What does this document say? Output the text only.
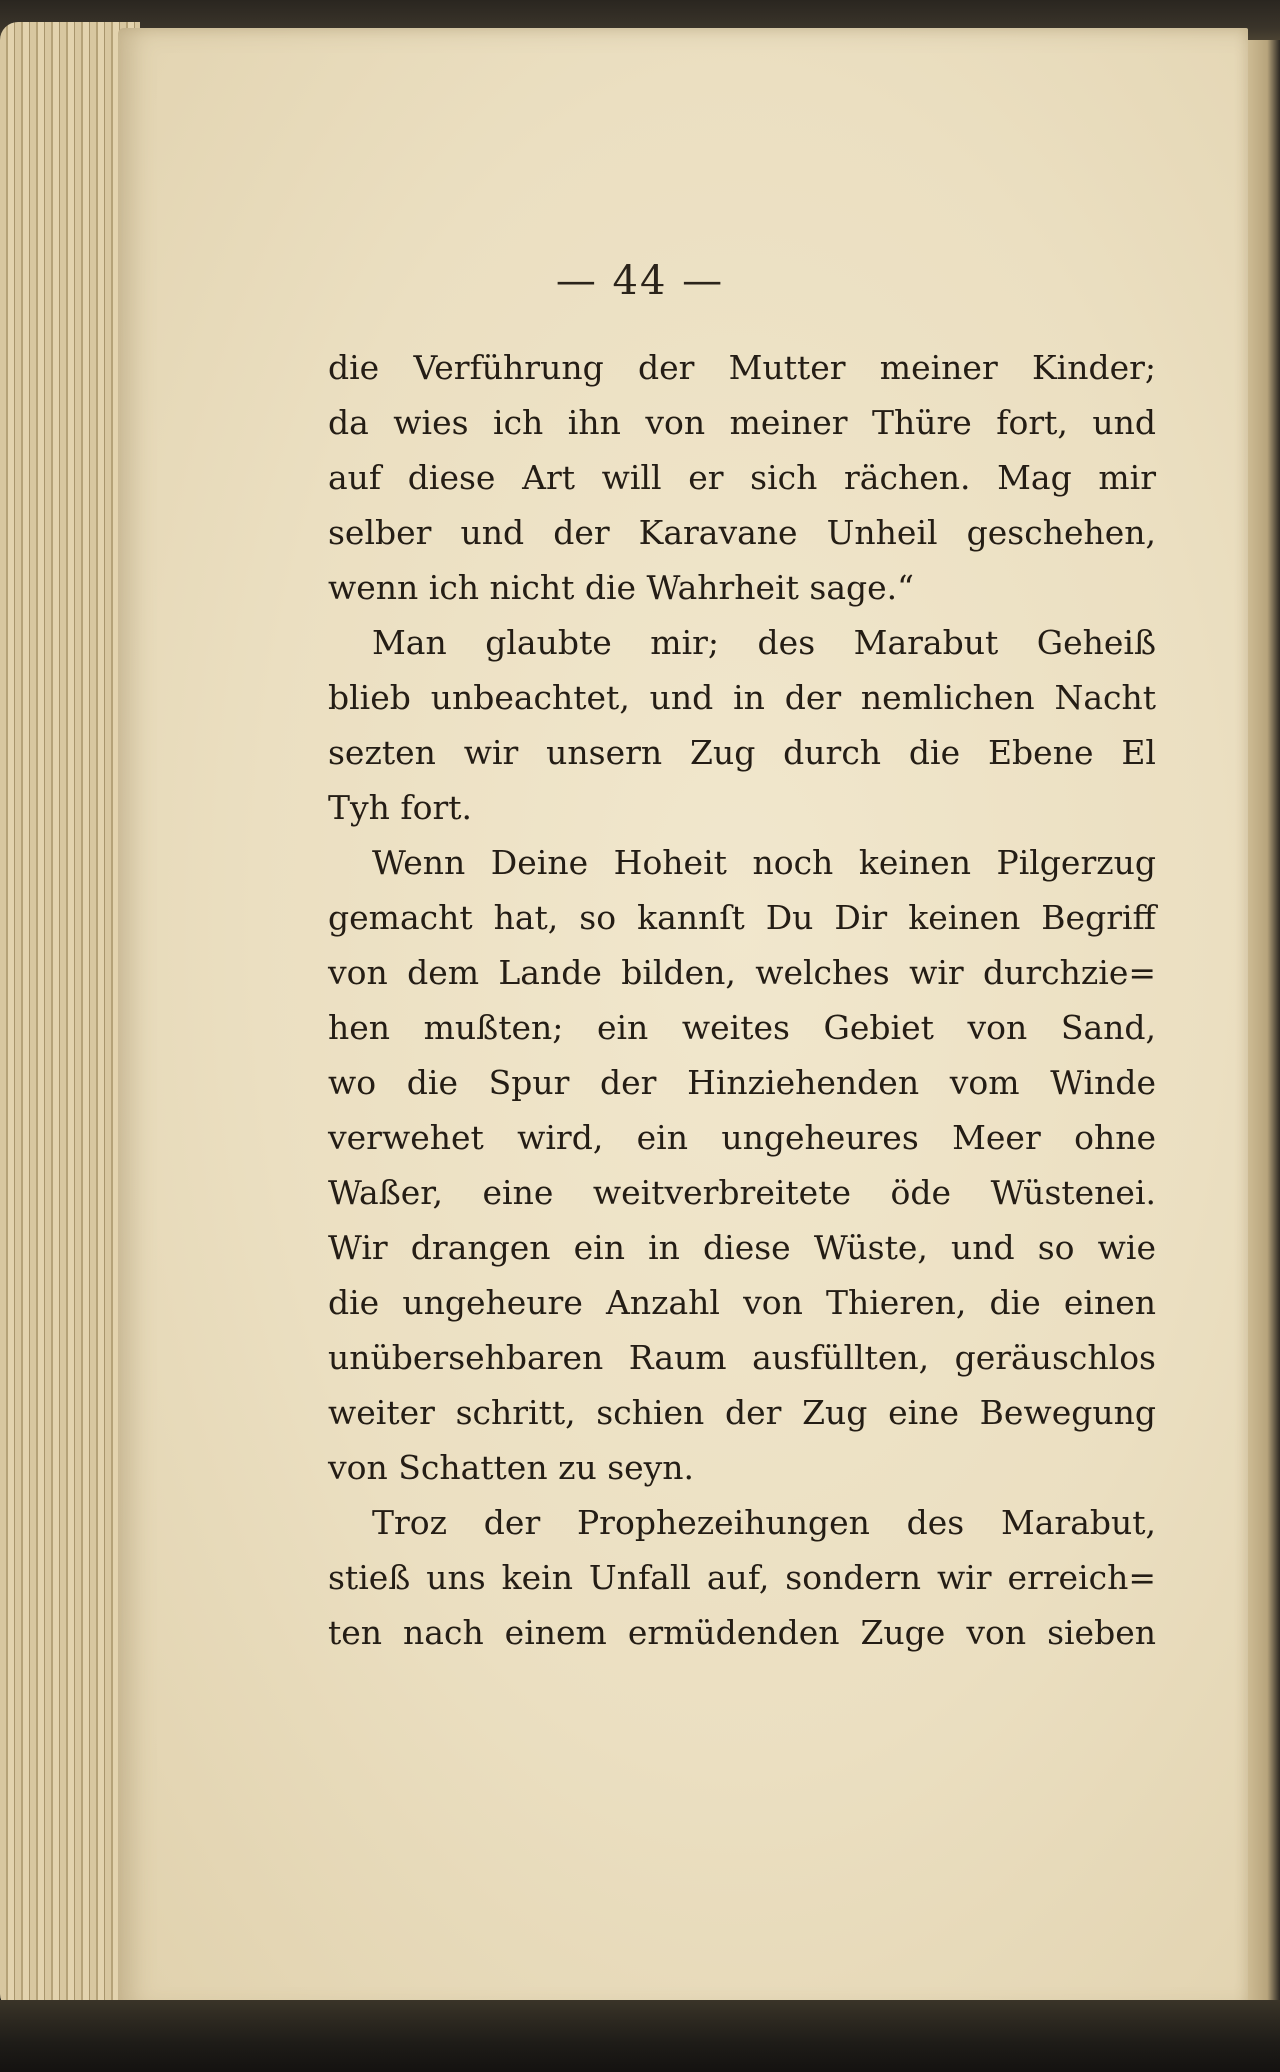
— 44 —
die Verführung der Mutter meiner Kinder;
da wies ich ihn von meiner Thüre fort, und
auf diese Art will er sich rächen. Mag mir
selber und der Karavane Unheil geschehen,
wenn ich nicht die Wahrheit sage.“
Man glaubte mir; des Marabut Geheiß
blieb unbeachtet, und in der nemlichen Nacht
sezten wir unsern Zug durch die Ebene El
Tyh fort.
Wenn Deine Hoheit noch keinen Pilgerzug
gemacht hat, so kannſt Du Dir keinen Begriff
von dem Lande bilden, welches wir durchzie=
hen mußten; ein weites Gebiet von Sand,
wo die Spur der Hinziehenden vom Winde
verwehet wird, ein ungeheures Meer ohne
Waßer, eine weitverbreitete öde Wüstenei.
Wir drangen ein in diese Wüste, und so wie
die ungeheure Anzahl von Thieren, die einen
unübersehbaren Raum ausfüllten, geräuschlos
weiter schritt, schien der Zug eine Bewegung
von Schatten zu seyn.
Troz der Prophezeihungen des Marabut,
stieß uns kein Unfall auf, sondern wir erreich=
ten nach einem ermüdenden Zuge von sieben
